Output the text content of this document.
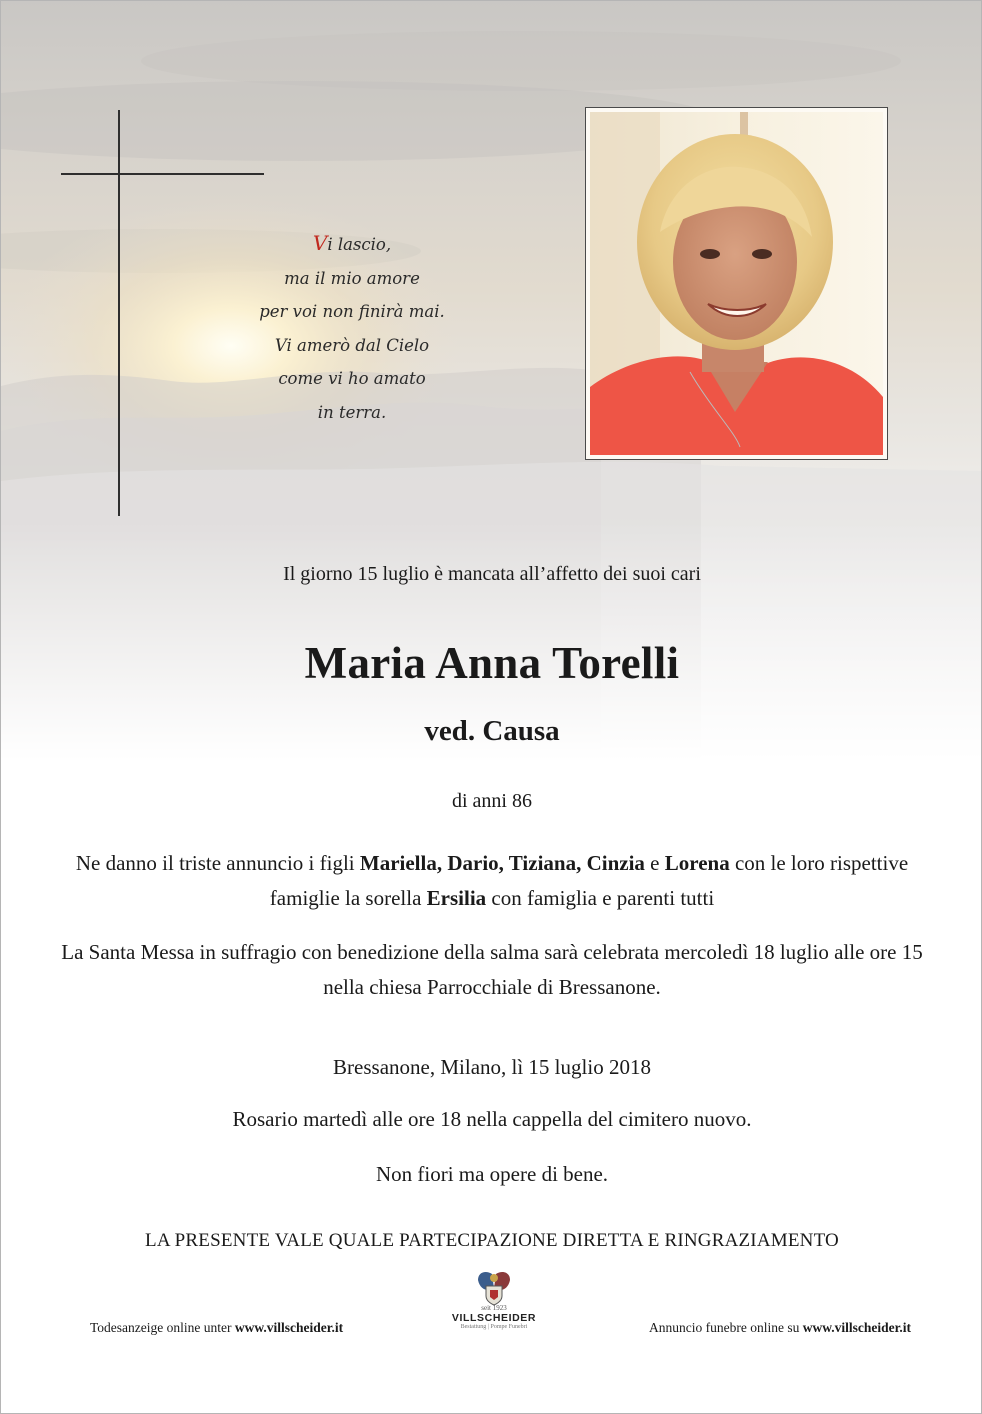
Vi lascio,
ma il mio amore
per voi non finirà mai.
Vi amerò dal Cielo
come vi ho amato
in terra.

Il giorno 15 luglio è mancata all’affetto dei suoi cari

Maria Anna Torelli

ved. Causa

di anni 86

Ne danno il triste annuncio i figli Mariella, Dario, Tiziana, Cinzia e Lorena con le loro rispettive famiglie la sorella Ersilia con famiglia e parenti tutti

La Santa Messa in suffragio con benedizione della salma sarà celebrata mercoledì 18 luglio alle ore 15 nella chiesa Parrocchiale di Bressanone.

Bressanone, Milano, lì 15 luglio 2018

Rosario martedì alle ore 18 nella cappella del cimitero nuovo.

Non fiori ma opere di bene.

LA PRESENTE VALE QUALE PARTECIPAZIONE DIRETTA E RINGRAZIAMENTO

Todesanzeige online unter www.villscheider.it

seit 1923
VILLSCHEIDER
Bestattung | Pompe Funebri	Annuncio funebre online su www.villscheider.it
